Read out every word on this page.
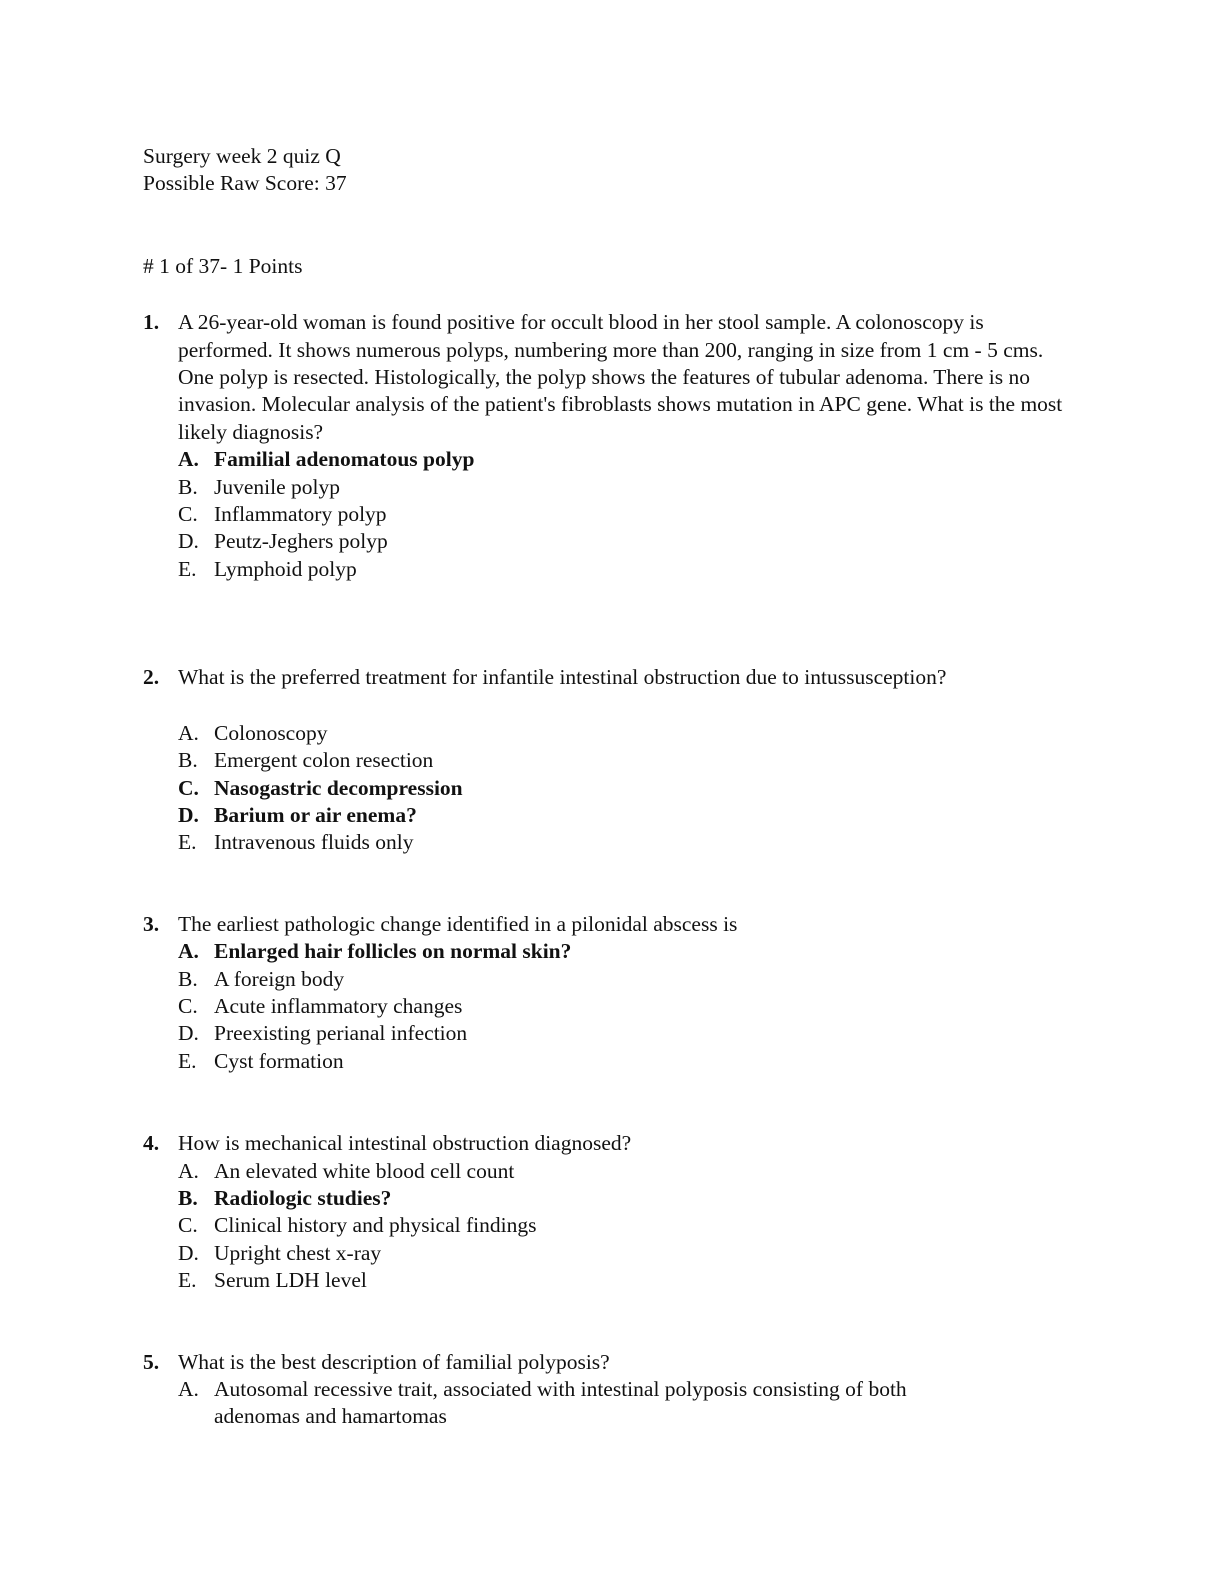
Surgery week 2 quiz Q

Possible Raw Score: 37

# 1 of 37- 1 Points

1. A 26-year-old woman is found positive for occult blood in her stool sample. A colonoscopy is performed. It shows numerous polyps, numbering more than 200, ranging in size from 1 cm - 5 cms. One polyp is resected. Histologically, the polyp shows the features of tubular adenoma. There is no invasion. Molecular analysis of the patient's fibroblasts shows mutation in APC gene. What is the most likely diagnosis?

A. Familial adenomatous polyp
B. Juvenile polyp
C. Inflammatory polyp
D. Peutz-Jeghers polyp
E. Lymphoid polyp
2. What is the preferred treatment for infantile intestinal obstruction due to intussusception?

A. Colonoscopy
B. Emergent colon resection
C. Nasogastric decompression
D. Barium or air enema?
E. Intravenous fluids only
3. The earliest pathologic change identified in a pilonidal abscess is

A. Enlarged hair follicles on normal skin?
B. A foreign body
C. Acute inflammatory changes
D. Preexisting perianal infection
E. Cyst formation
4. How is mechanical intestinal obstruction diagnosed?

A. An elevated white blood cell count
B. Radiologic studies?
C. Clinical history and physical findings
D. Upright chest x-ray
E. Serum LDH level
5. What is the best description of familial polyposis?

A. Autosomal recessive trait, associated with intestinal polyposis consisting of both adenomas and hamartomas
